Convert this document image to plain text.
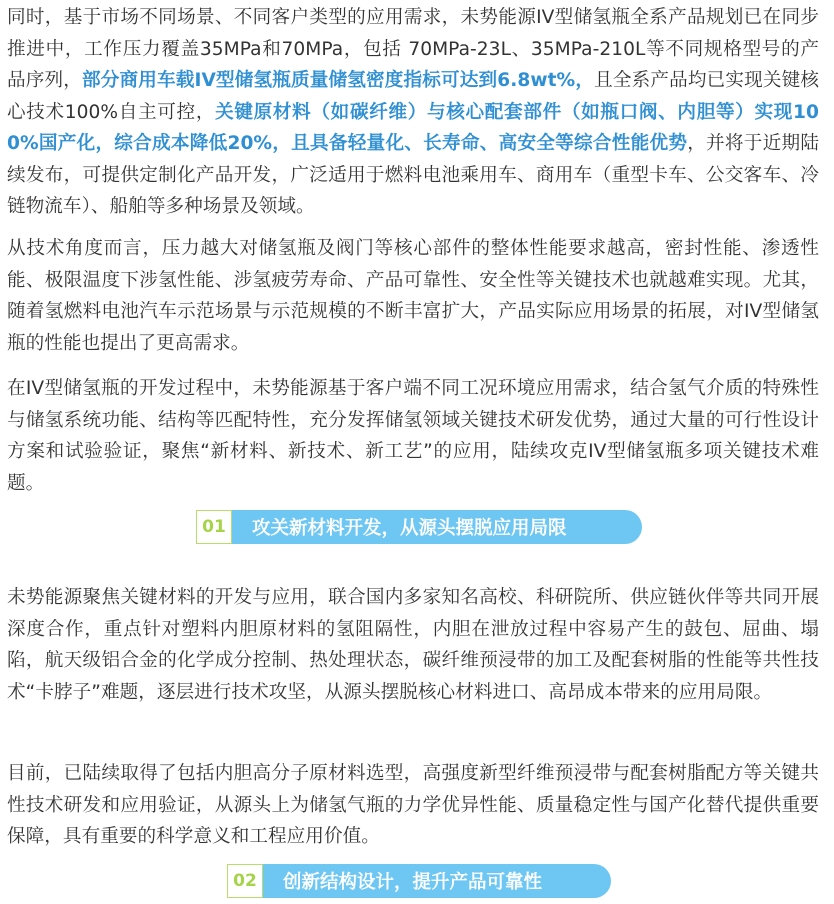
同时，基于市场不同场景、不同客户类型的应用需求，未势能源IV型储氢瓶全系产品规划已在同步推进中，工作压力覆盖35MPa和70MPa，包括 70MPa-23L、35MPa-210L等不同规格型号的产品序列，部分商用车载IV型储氢瓶质量储氢密度指标可达到6.8wt%，且全系产品均已实现关键核心技术100%自主可控，关键原材料（如碳纤维）与核心配套部件（如瓶口阀、内胆等）实现100%国产化，综合成本降低20%，且具备轻量化、长寿命、高安全等综合性能优势，并将于近期陆续发布，可提供定制化产品开发，广泛适用于燃料电池乘用车、商用车（重型卡车、公交客车、冷链物流车）、船舶等多种场景及领域。

从技术角度而言，压力越大对储氢瓶及阀门等核心部件的整体性能要求越高，密封性能、渗透性能、极限温度下涉氢性能、涉氢疲劳寿命、产品可靠性、安全性等关键技术也就越难实现。尤其，随着氢燃料电池汽车示范场景与示范规模的不断丰富扩大，产品实际应用场景的拓展，对IV型储氢瓶的性能也提出了更高需求。

在IV型储氢瓶的开发过程中，未势能源基于客户端不同工况环境应用需求，结合氢气介质的特殊性与储氢系统功能、结构等匹配特性，充分发挥储氢领域关键技术研发优势，通过大量的可行性设计方案和试验验证，聚焦“新材料、新技术、新工艺”的应用，陆续攻克IV型储氢瓶多项关键技术难题。

01	攻关新材料开发，从源头摆脱应用局限

未势能源聚焦关键材料的开发与应用，联合国内多家知名高校、科研院所、供应链伙伴等共同开展深度合作，重点针对塑料内胆原材料的氢阻隔性，内胆在泄放过程中容易产生的鼓包、屈曲、塌陷，航天级铝合金的化学成分控制、热处理状态，碳纤维预浸带的加工及配套树脂的性能等共性技术“卡脖子”难题，逐层进行技术攻坚，从源头摆脱核心材料进口、高昂成本带来的应用局限。

目前，已陆续取得了包括内胆高分子原材料选型，高强度新型纤维预浸带与配套树脂配方等关键共性技术研发和应用验证，从源头上为储氢气瓶的力学优异性能、质量稳定性与国产化替代提供重要保障，具有重要的科学意义和工程应用价值。

02	创新结构设计，提升产品可靠性
